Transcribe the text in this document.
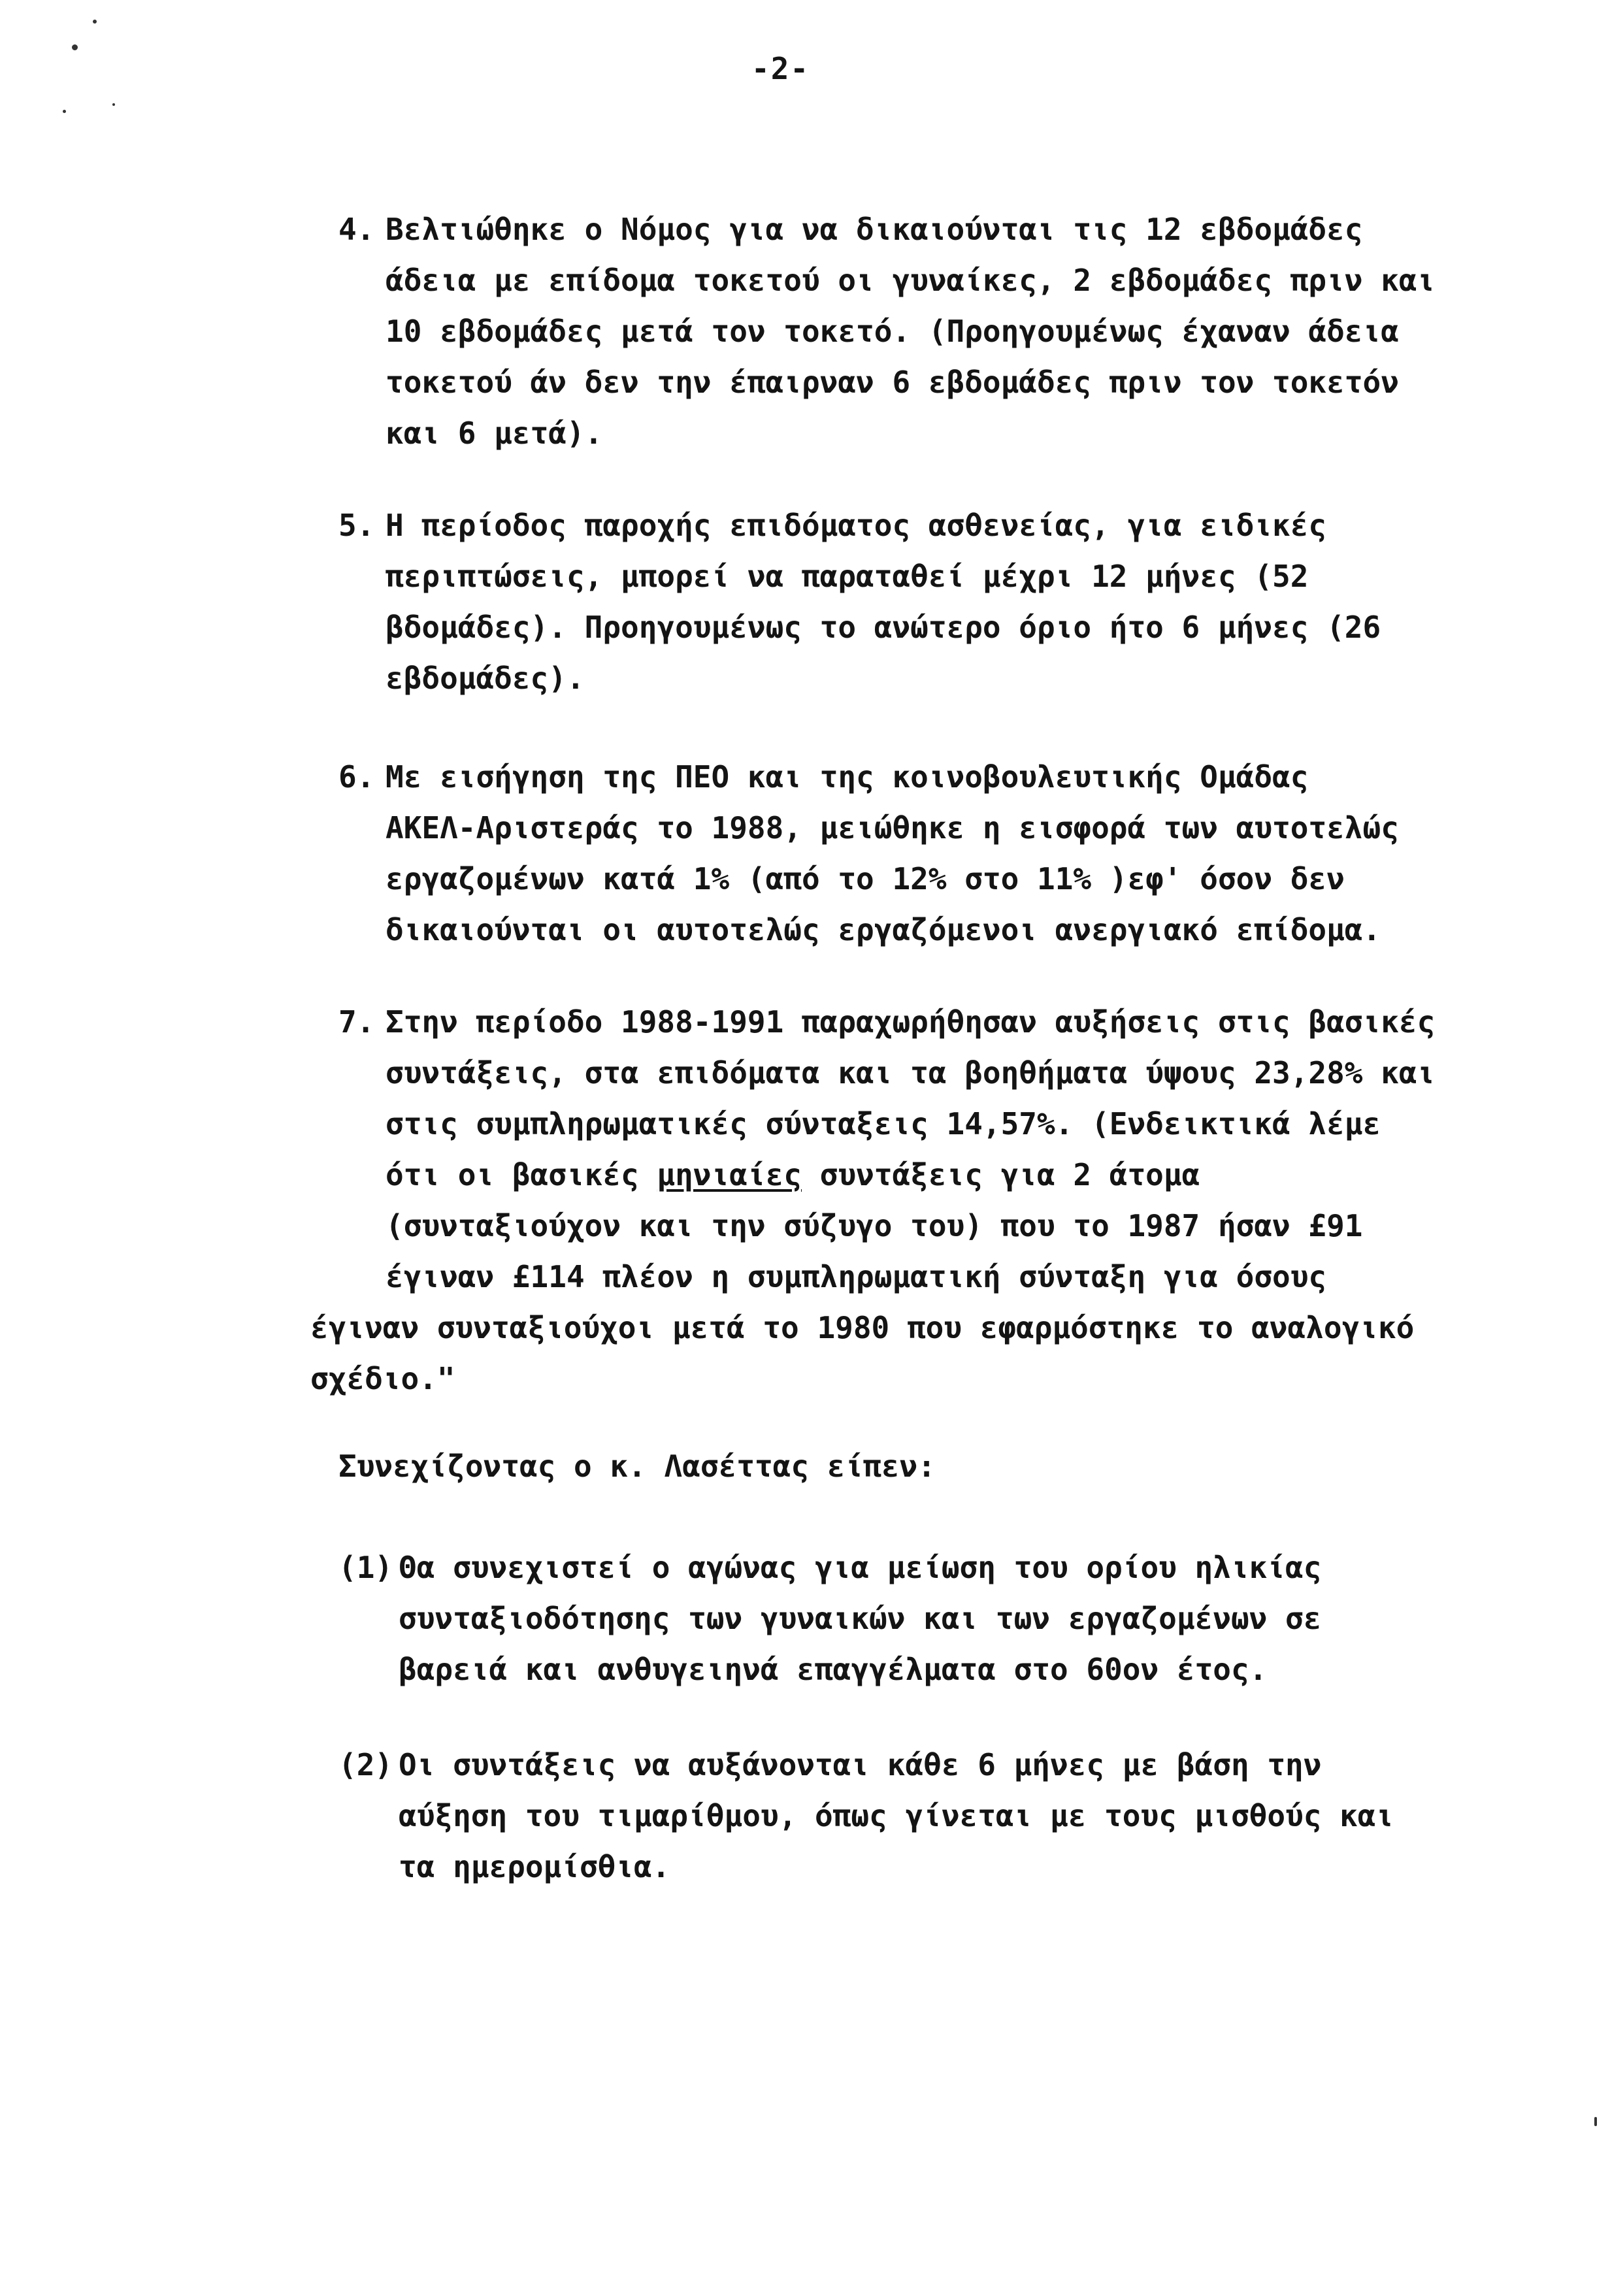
-2-
4. Βελτιώθηκε ο Νόμος για να δικαιούνται τις 12 εβδομάδες
άδεια με επίδομα τοκετού οι γυναίκες, 2 εβδομάδες πριν και
10 εβδομάδες μετά τον τοκετό. (Προηγουμένως έχαναν άδεια
τοκετού άν δεν την έπαιρναν 6 εβδομάδες πριν τον τοκετόν
και 6 μετά).
5. Η περίοδος παροχής επιδόματος ασθενείας, για ειδικές
περιπτώσεις, μπορεί να παραταθεί μέχρι 12 μήνες (52
βδομάδες). Προηγουμένως το ανώτερο όριο ήτο 6 μήνες (26
εβδομάδες).
6. Με εισήγηση της ΠΕΟ και της κοινοβουλευτικής Ομάδας
ΑΚΕΛ-Αριστεράς το 1988, μειώθηκε η εισφορά των αυτοτελώς
εργαζομένων κατά 1% (από το 12% στο 11% )εφ' όσον δεν
δικαιούνται οι αυτοτελώς εργαζόμενοι ανεργιακό επίδομα.
7. Στην περίοδο 1988-1991 παραχωρήθησαν αυξήσεις στις βασικές
συντάξεις, στα επιδόματα και τα βοηθήματα ύψους 23,28% και
στις συμπληρωματικές σύνταξεις 14,57%. (Ενδεικτικά λέμε
ότι οι βασικές μηνιαίες συντάξεις για 2 άτομα
(συνταξιούχον και την σύζυγο του) που το 1987 ήσαν £91
έγιναν £114 πλέον η συμπληρωματική σύνταξη για όσους
έγιναν συνταξιούχοι μετά το 1980 που εφαρμόστηκε το αναλογικό
σχέδιο."
Συνεχίζοντας ο κ. Λασέττας είπεν:
(1) Θα συνεχιστεί ο αγώνας για μείωση του ορίου ηλικίας
συνταξιοδότησης των γυναικών και των εργαζομένων σε
βαρειά και ανθυγειηνά επαγγέλματα στο 60ον έτος.
(2) Οι συντάξεις να αυξάνονται κάθε 6 μήνες με βάση την
αύξηση του τιμαρίθμου, όπως γίνεται με τους μισθούς και
τα ημερομίσθια.
